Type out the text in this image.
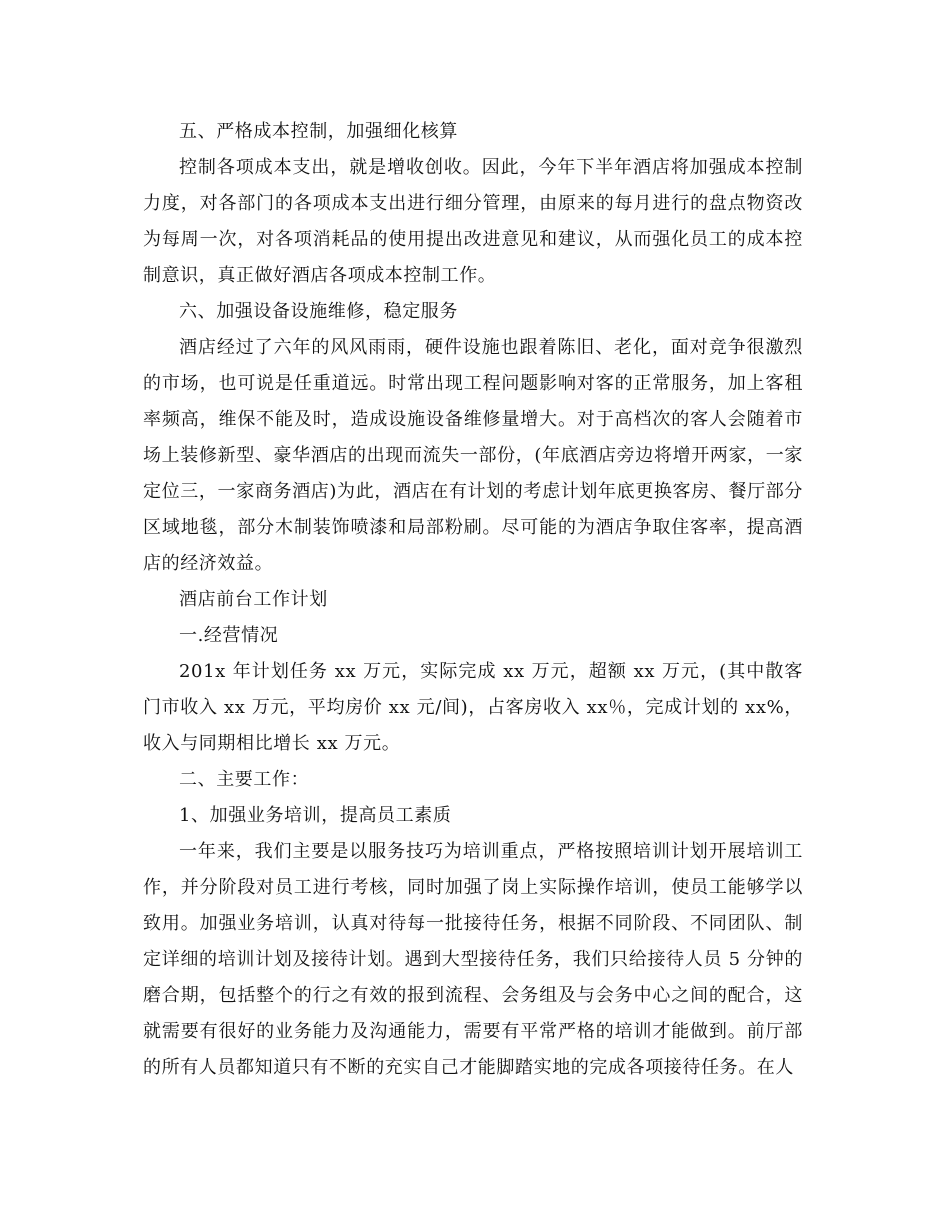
五、严格成本控制，加强细化核算

控制各项成本支出，就是增收创收。因此，今年下半年酒店将加强成本控制力度，对各部门的各项成本支出进行细分管理，由原来的每月进行的盘点物资改为每周一次，对各项消耗品的使用提出改进意见和建议，从而强化员工的成本控制意识，真正做好酒店各项成本控制工作。

六、加强设备设施维修，稳定服务

酒店经过了六年的风风雨雨，硬件设施也跟着陈旧、老化，面对竞争很激烈的市场，也可说是任重道远。时常出现工程问题影响对客的正常服务，加上客租率频高，维保不能及时，造成设施设备维修量增大。对于高档次的客人会随着市场上装修新型、豪华酒店的出现而流失一部份，(年底酒店旁边将增开两家，一家定位三，一家商务酒店)为此，酒店在有计划的考虑计划年底更换客房、餐厅部分区域地毯，部分木制装饰喷漆和局部粉刷。尽可能的为酒店争取住客率，提高酒店的经济效益。

酒店前台工作计划

一.经营情况

201x 年计划任务 xx 万元，实际完成 xx 万元，超额 xx 万元，(其中散客门市收入 xx 万元，平均房价 xx 元/间)，占客房收入 xx％，完成计划的 xx%，收入与同期相比增长 xx 万元。

二、主要工作：

1、加强业务培训，提高员工素质

一年来，我们主要是以服务技巧为培训重点，严格按照培训计划开展培训工作，并分阶段对员工进行考核，同时加强了岗上实际操作培训，使员工能够学以致用。加强业务培训，认真对待每一批接待任务，根据不同阶段、不同团队、制定详细的培训计划及接待计划。遇到大型接待任务，我们只给接待人员 5 分钟的磨合期，包括整个的行之有效的报到流程、会务组及与会务中心之间的配合，这就需要有很好的业务能力及沟通能力，需要有平常严格的培训才能做到。前厅部的所有人员都知道只有不断的充实自己才能脚踏实地的完成各项接待任务。在人
